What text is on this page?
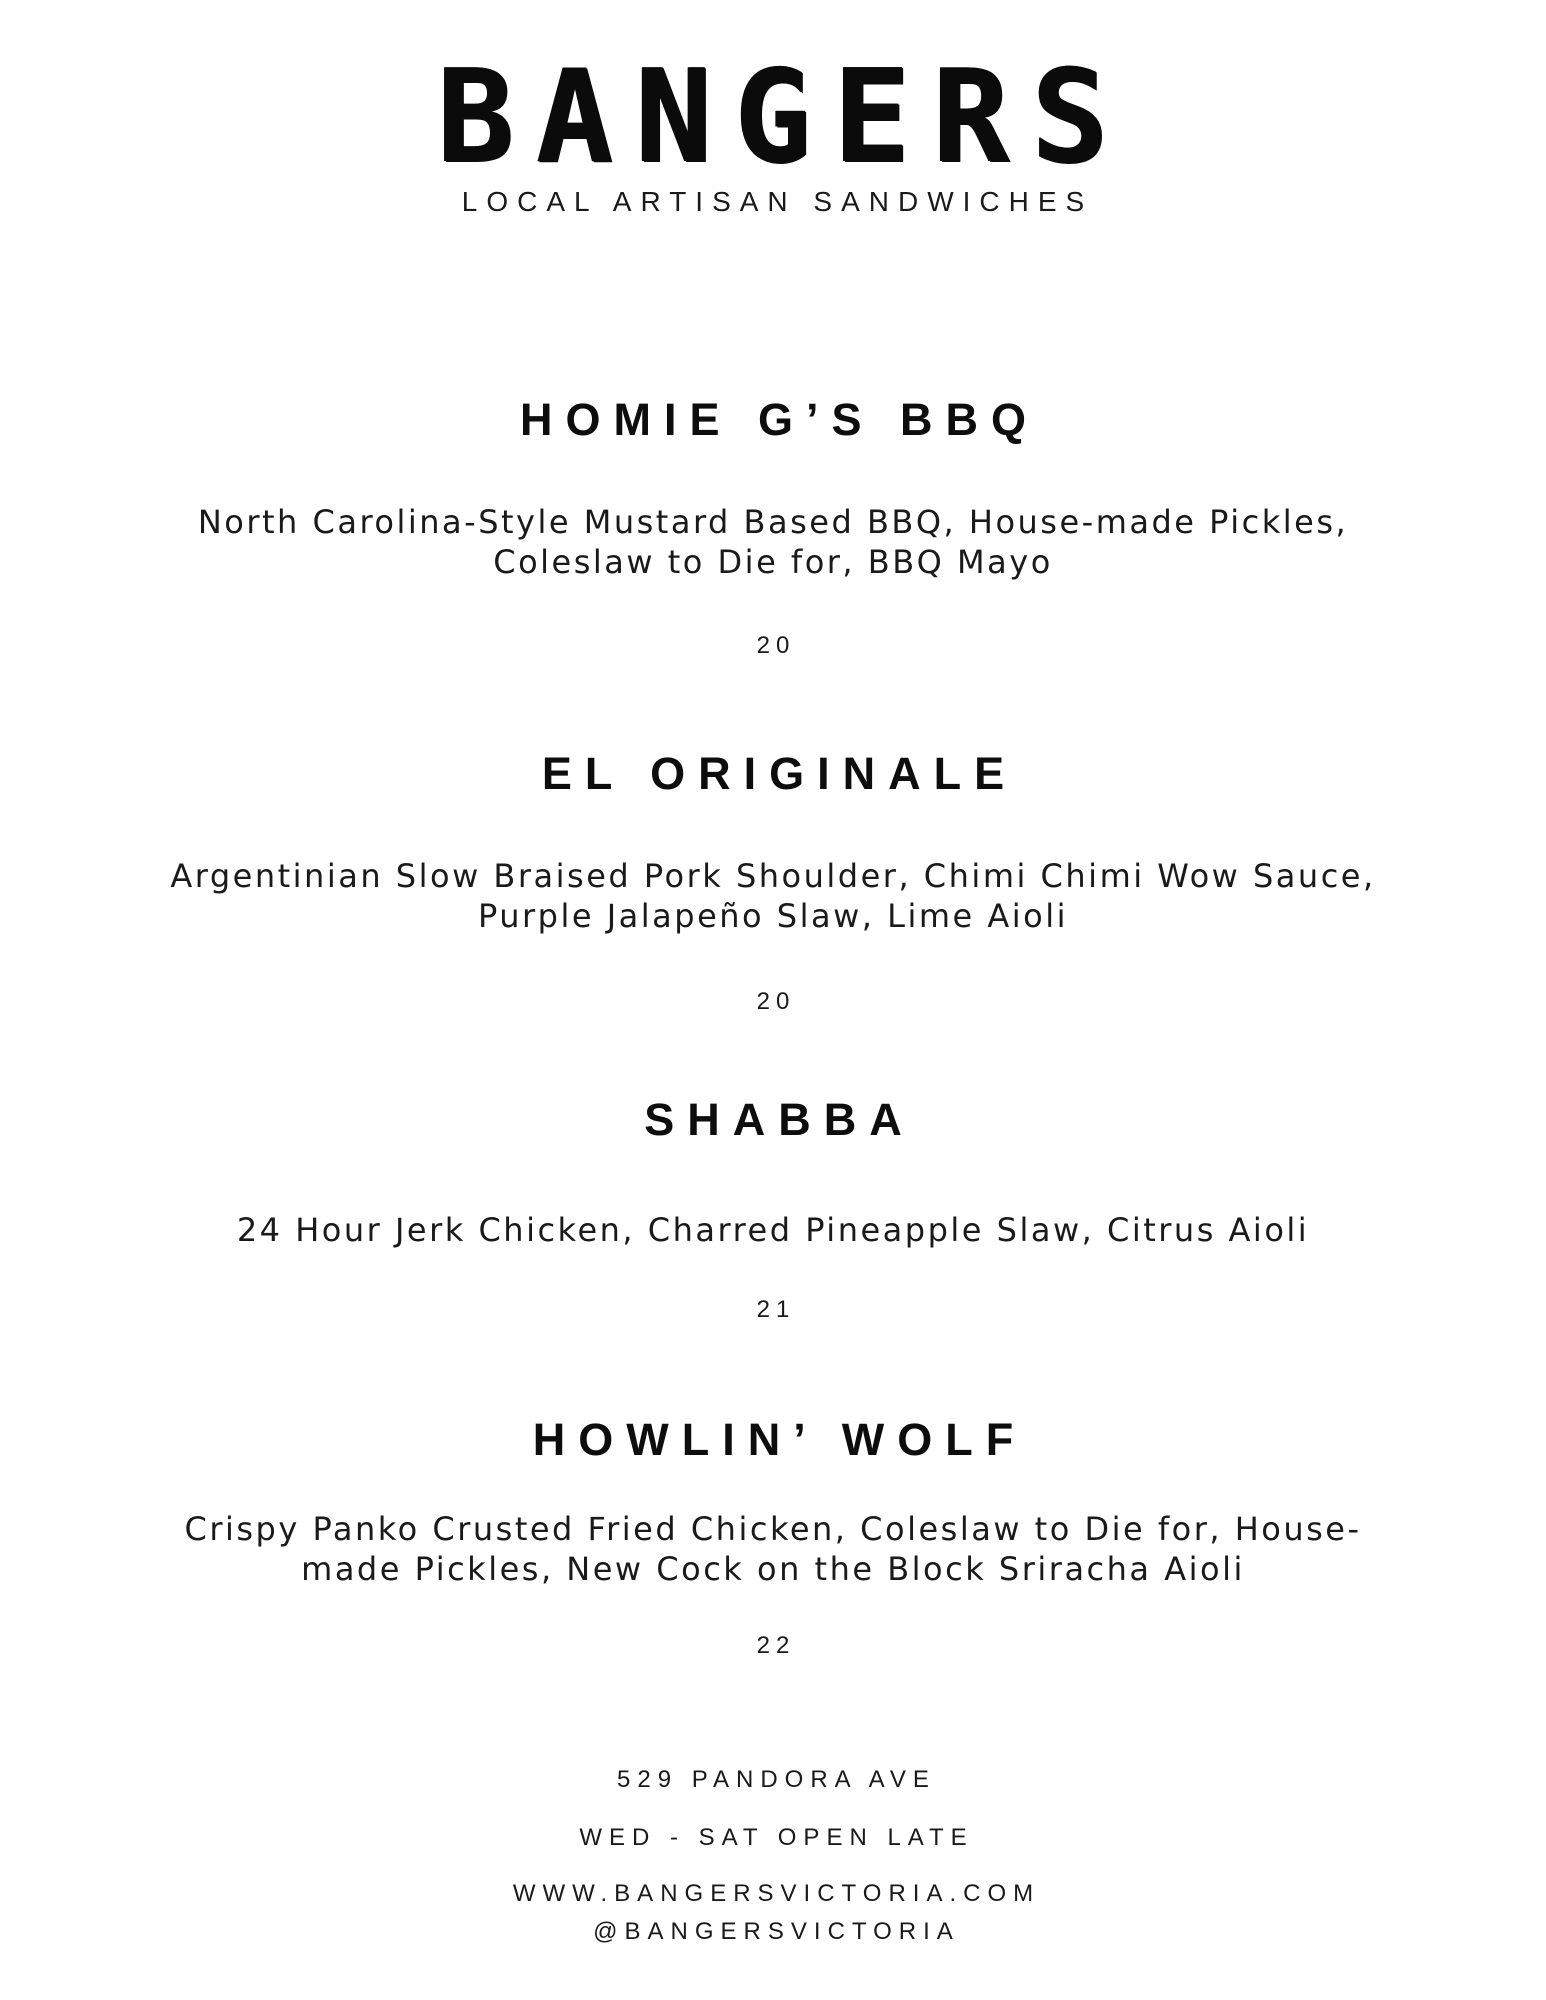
BANGERS
LOCAL ARTISAN SANDWICHES
HOMIE G’S BBQ
North Carolina-Style Mustard Based BBQ, House-made Pickles,
Coleslaw to Die for, BBQ Mayo
20
EL ORIGINALE
Argentinian Slow Braised Pork Shoulder, Chimi Chimi Wow Sauce,
Purple Jalapeño Slaw, Lime Aioli
20
SHABBA
24 Hour Jerk Chicken, Charred Pineapple Slaw, Citrus Aioli
21
HOWLIN’ WOLF
Crispy Panko Crusted Fried Chicken, Coleslaw to Die for, House-
made Pickles, New Cock on the Block Sriracha Aioli
22
529 PANDORA AVE
WED - SAT OPEN LATE
WWW.BANGERSVICTORIA.COM
@BANGERSVICTORIA
